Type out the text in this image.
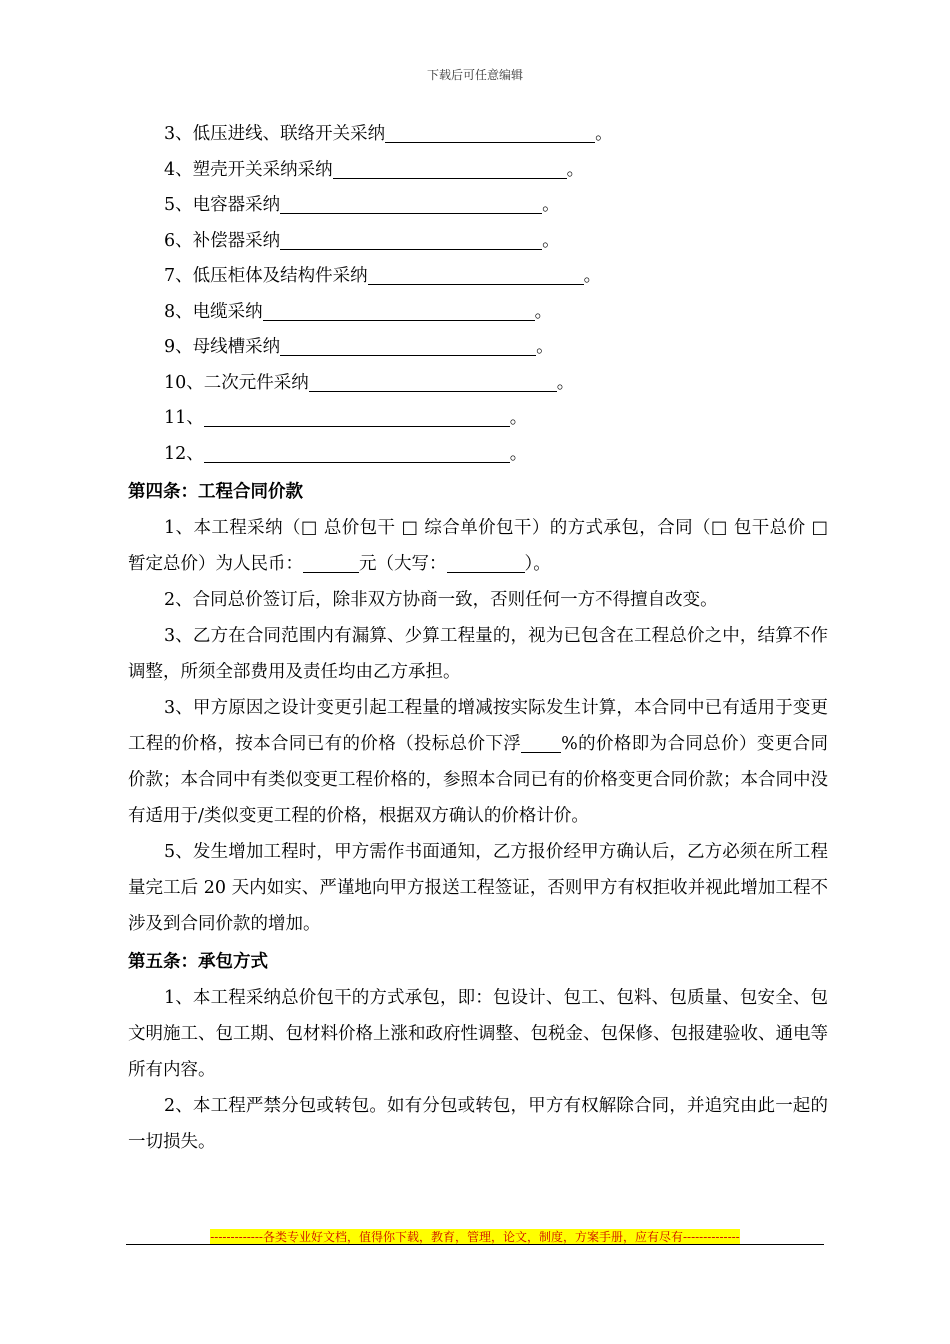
下载后可任意编辑
3、低压进线、联络开关采纳	。
4、塑壳开关采纳采纳	。
5、电容器采纳	。
6、补偿器采纳	。
7、低压柜体及结构件采纳	。
8、电缆采纳	。
9、母线槽采纳	。
10、二次元件采纳	。
11、	。
12、	。
第四条：工程合同价款

1、本工程采纳（□ 总价包干 □ 综合单价包干）的方式承包，合同（□ 包干总价 □ 暂定总价）为人民币：	元（大写：	）。

2、合同总价签订后，除非双方协商一致，否则任何一方不得擅自改变。

3、乙方在合同范围内有漏算、少算工程量的，视为已包含在工程总价之中，结算不作调整，所须全部费用及责任均由乙方承担。

3、甲方原因之设计变更引起工程量的增减按实际发生计算，本合同中已有适用于变更工程的价格，按本合同已有的价格（投标总价下浮 %的价格即为合同总价）变更合同价款；本合同中有类似变更工程价格的，参照本合同已有的价格变更合同价款；本合同中没有适用于/类似变更工程的价格，根据双方确认的价格计价。

5、发生增加工程时，甲方需作书面通知，乙方报价经甲方确认后，乙方必须在所工程量完工后 20 天内如实、严谨地向甲方报送工程签证，否则甲方有权拒收并视此增加工程不涉及到合同价款的增加。

第五条：承包方式

1、本工程采纳总价包干的方式承包，即：包设计、包工、包料、包质量、包安全、包文明施工、包工期、包材料价格上涨和政府性调整、包税金、包保修、包报建验收、通电等所有内容。

2、本工程严禁分包或转包。如有分包或转包，甲方有权解除合同，并追究由此一起的一切损失。

-------------各类专业好文档，值得你下载，教育，管理，论文，制度，方案手册，应有尽有--------------
